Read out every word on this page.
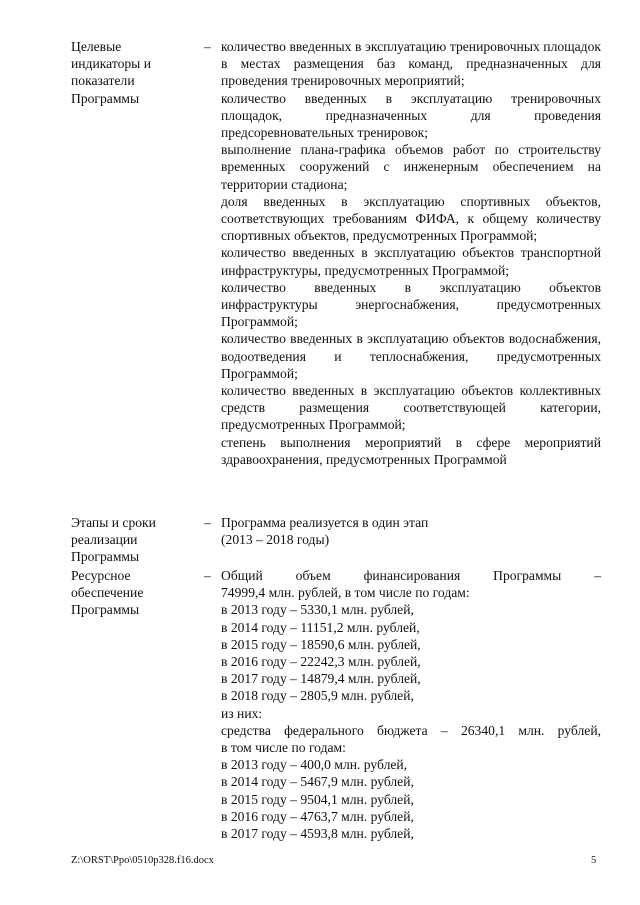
Целевые индикаторы и показатели Программы
– количество введенных в эксплуатацию тренировочных площадок в местах размещения баз команд, предназначенных для проведения тренировочных мероприятий;

количество введенных в эксплуатацию тренировочных площадок, предназначенных для проведения предсоревновательных тренировок;

выполнение плана-графика объемов работ по строительству временных сооружений с инженерным обеспечением на территории стадиона;

доля введенных в эксплуатацию спортивных объектов, соответствующих требованиям ФИФА, к общему количеству спортивных объектов, предусмотренных Программой;

количество введенных в эксплуатацию объектов транспортной инфраструктуры, предусмотренных Программой;

количество введенных в эксплуатацию объектов инфраструктуры энергоснабжения, предусмотренных Программой;

количество введенных в эксплуатацию объектов водоснабжения, водоотведения и теплоснабжения, предусмотренных Программой;

количество введенных в эксплуатацию объектов коллективных средств размещения соответствующей категории, предусмотренных Программой;

степень выполнения мероприятий в сфере мероприятий здравоохранения, предусмотренных Программой

Этапы и сроки реализации Программы
– Программа реализуется в один этап
(2013 – 2018 годы)
Ресурсное обеспечение Программы
– Общий объем финансирования Программы –
74999,4 млн. рублей, в том числе по годам:
в 2013 году – 5330,1 млн. рублей,
в 2014 году – 11151,2 млн. рублей,
в 2015 году – 18590,6 млн. рублей,
в 2016 году – 22242,3 млн. рублей,
в 2017 году – 14879,4 млн. рублей,
в 2018 году – 2805,9 млн. рублей,
из них:
средства федерального бюджета – 26340,1 млн. рублей,
в том числе по годам:
в 2013 году – 400,0 млн. рублей,
в 2014 году – 5467,9 млн. рублей,
в 2015 году – 9504,1 млн. рублей,
в 2016 году – 4763,7 млн. рублей,
в 2017 году – 4593,8 млн. рублей,
Z:\ORST\Ppo\0510p328.f16.docx	5
